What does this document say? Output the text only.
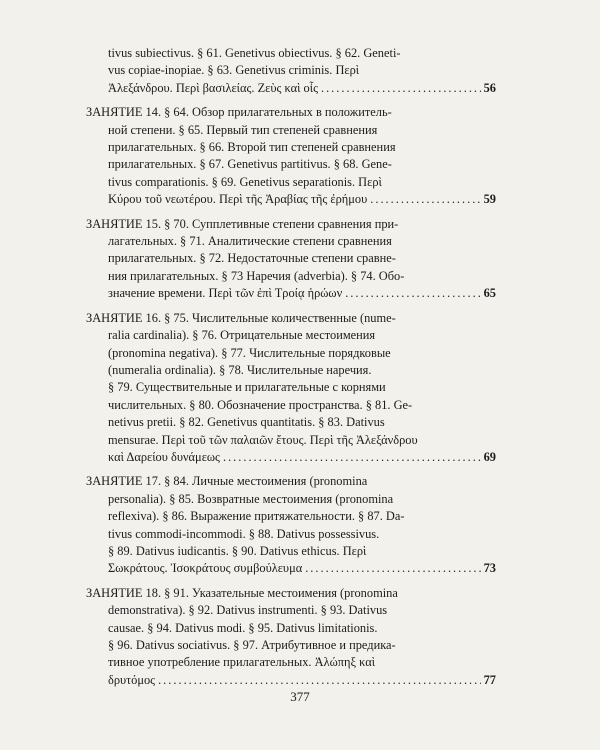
tivus subiectivus. § 61. Genetivus obiectivus. § 62. Geneti-
vus copiae-inopiae. § 63. Genetivus criminis. Περὶ
Ἀλεξάνδρου. Περὶ βασιλείας. Ζεὺς καὶ οἶς .....	56
ЗАНЯТИЕ 14. § 64. Обзор прилагательных в положитель-
ной степени. § 65. Первый тип степеней сравнения
прилагательных. § 66. Второй тип степеней сравнения
прилагательных. § 67. Genetivus partitivus. § 68. Gene-
tivus comparationis. § 69. Genetivus separationis. Περὶ
Κύρου τοῦ νεωτέρου. Περὶ τῆς Ἀραβίας τῆς ἐρήμου .....	59
ЗАНЯТИЕ 15. § 70. Супплетивные степени сравнения при-
лагательных. § 71. Аналитические степени сравнения
прилагательных. § 72. Недостаточные степени сравне-
ния прилагательных. § 73 Наречия (adverbia). § 74. Обо-
значение времени. Περὶ τῶν ἐπὶ Τροίᾳ ἡρώων .....	65
ЗАНЯТИЕ 16. § 75. Числительные количественные (nume-
ralia cardinalia). § 76. Отрицательные местоимения
(pronomina negativa). § 77. Числительные порядковые
(numeralia ordinalia). § 78. Числительные наречия.
§ 79. Существительные и прилагательные с корнями
числительных. § 80. Обозначение пространства. § 81. Ge-
netivus pretii. § 82. Genetivus quantitatis. § 83. Dativus
mensurae. Περὶ τοῦ τῶν παλαιῶν ἔτους. Περὶ τῆς Ἀλεξάνδρου
καὶ Δαρείου δυνάμεως .....	69
ЗАНЯТИЕ 17. § 84. Личные местоимения (pronomina
personalia). § 85. Возвратные местоимения (pronomina
reflexiva). § 86. Выражение притяжательности. § 87. Da-
tivus commodi-incommodi. § 88. Dativus possessivus.
§ 89. Dativus iudicantis. § 90. Dativus ethicus. Περὶ
Σωκράτους. Ἰσοκράτους συμβούλευμα .....	73
ЗАНЯТИЕ 18. § 91. Указательные местоимения (pronomina
demonstrativa). § 92. Dativus instrumenti. § 93. Dativus
causae. § 94. Dativus modi. § 95. Dativus limitationis.
§ 96. Dativus sociativus. § 97. Атрибутивное и предика-
тивное употребление прилагательных. Ἀλώπηξ καὶ
δρυτόμος .....	77
377
